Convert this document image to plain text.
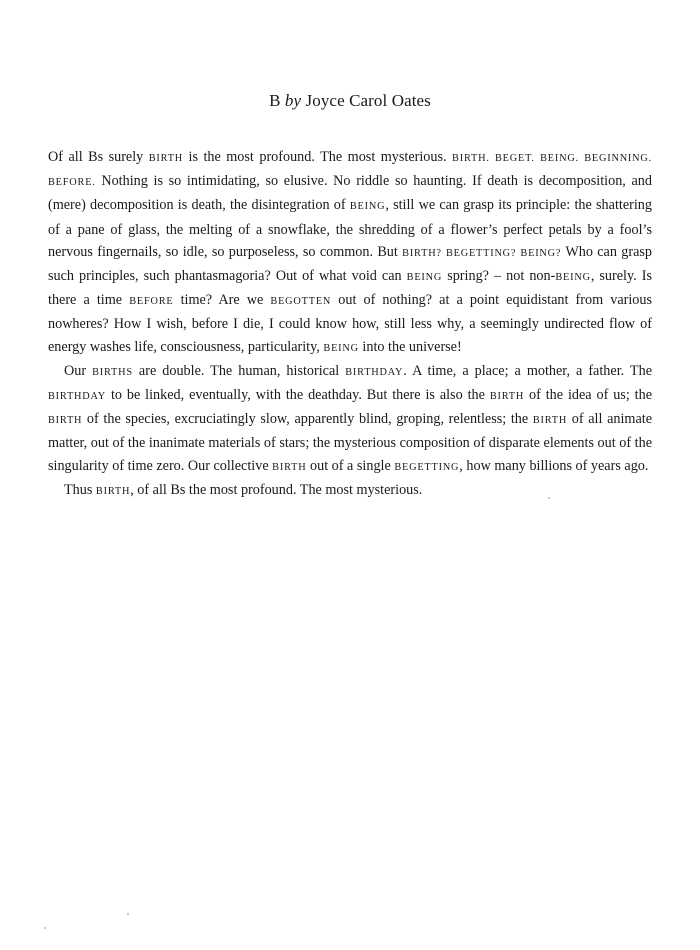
B by Joyce Carol Oates

Of all Bs surely BIRTH is the most profound. The most mysterious. BIRTH. BEGET. BEING. BEGINNING. BEFORE. Nothing is so intimidating, so elusive. No riddle so haunting. If death is decomposition, and (mere) decomposition is death, the disintegration of BEING, still we can grasp its principle: the shattering of a pane of glass, the melting of a snowflake, the shredding of a flower’s perfect petals by a fool’s nervous fingernails, so idle, so purposeless, so common. But BIRTH? BEGETTING? BEING? Who can grasp such principles, such phantasmagoria? Out of what void can BEING spring? – not non-BEING, surely. Is there a time BEFORE time? Are we BEGOTTEN out of nothing? at a point equidistant from various nowheres? How I wish, before I die, I could know how, still less why, a seemingly undirected flow of energy washes life, consciousness, particularity, BEING into the universe!

Our BIRTHS are double. The human, historical BIRTHDAY. A time, a place; a mother, a father. The BIRTHDAY to be linked, eventually, with the deathday. But there is also the BIRTH of the idea of us; the BIRTH of the species, excruciatingly slow, apparently blind, groping, relentless; the BIRTH of all animate matter, out of the inanimate materials of stars; the mysterious composition of disparate elements out of the singularity of time zero. Our collective BIRTH out of a single BEGETTING, how many billions of years ago.

Thus BIRTH, of all Bs the most profound. The most mysterious.
